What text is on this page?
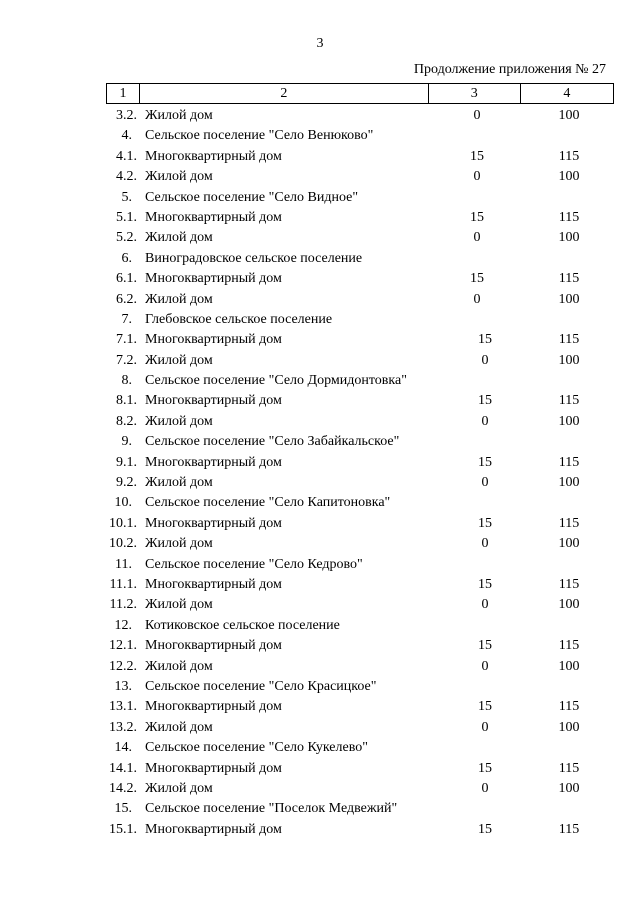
3
Продолжение приложения № 27
1	2	3	4
3.2. Жилой дом	0	100
4. Сельское поселение "Село Венюково"
4.1. Многоквартирный дом	15	115
4.2. Жилой дом	0	100
5. Сельское поселение "Село Видное"
5.1. Многоквартирный дом	15	115
5.2. Жилой дом	0	100
6. Виноградовское сельское поселение
6.1. Многоквартирный дом	15	115
6.2. Жилой дом	0	100
7. Глебовское сельское поселение
7.1. Многоквартирный дом	15	115
7.2. Жилой дом	0	100
8. Сельское поселение "Село Дормидонтовка"
8.1. Многоквартирный дом	15	115
8.2. Жилой дом	0	100
9. Сельское поселение "Село Забайкальское"
9.1. Многоквартирный дом	15	115
9.2. Жилой дом	0	100
10. Сельское поселение "Село Капитоновка"
10.1. Многоквартирный дом	15	115
10.2. Жилой дом	0	100
11. Сельское поселение "Село Кедрово"
11.1. Многоквартирный дом	15	115
11.2. Жилой дом	0	100
12. Котиковское сельское поселение
12.1. Многоквартирный дом	15	115
12.2. Жилой дом	0	100
13. Сельское поселение "Село Красицкое"
13.1. Многоквартирный дом	15	115
13.2. Жилой дом	0	100
14. Сельское поселение "Село Кукелево"
14.1. Многоквартирный дом	15	115
14.2. Жилой дом	0	100
15. Сельское поселение "Поселок Медвежий"
15.1. Многоквартирный дом	15	115
